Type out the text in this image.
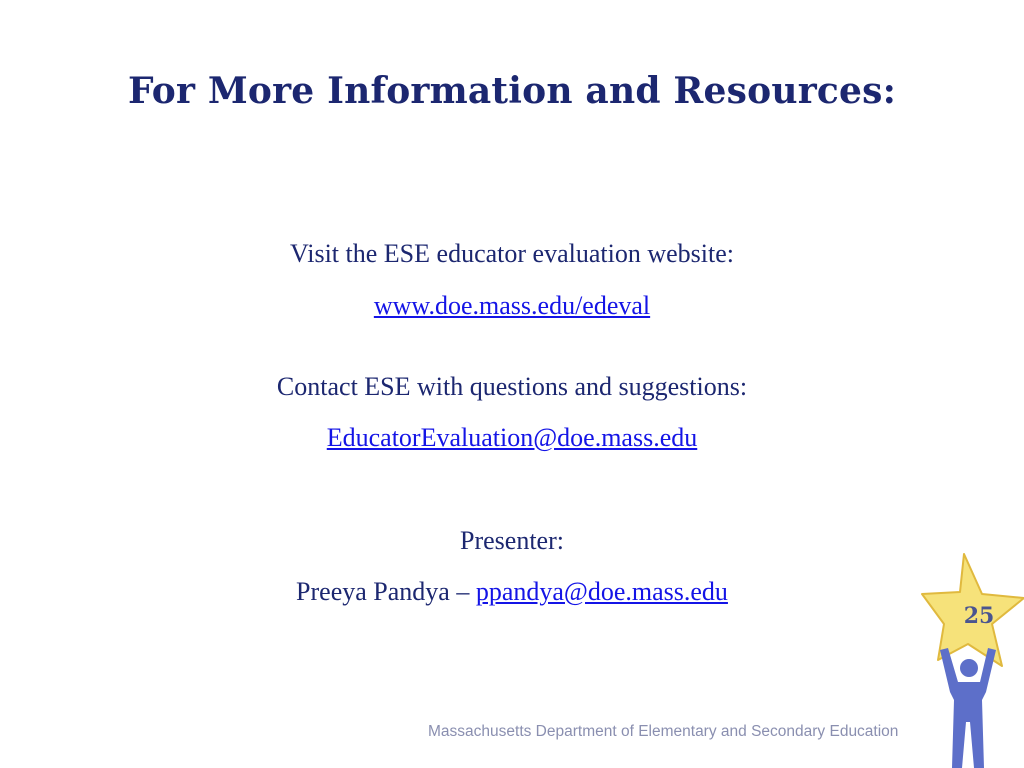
For More Information and Resources:
Visit the ESE educator evaluation website:
www.doe.mass.edu/edeval
Contact ESE with questions and suggestions:
EducatorEvaluation@doe.mass.edu
Presenter:
Preeya Pandya – ppandya@doe.mass.edu
25
Massachusetts Department of Elementary and Secondary Education
